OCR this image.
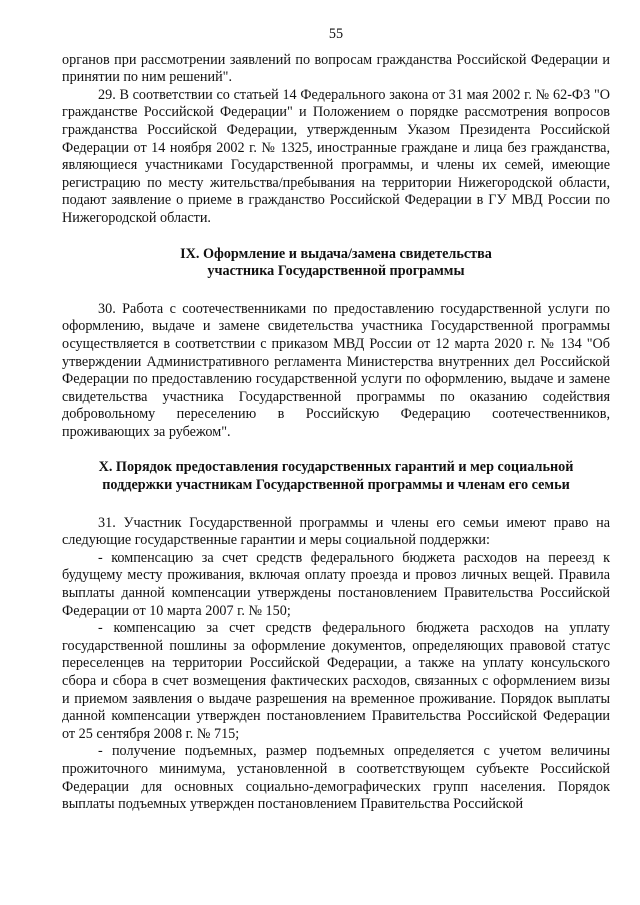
55

органов при рассмотрении заявлений по вопросам гражданства Российской Федерации и принятии по ним решений".

29. В соответствии со статьей 14 Федерального закона от 31 мая 2002 г. № 62-ФЗ "О гражданстве Российской Федерации" и Положением о порядке рассмотрения вопросов гражданства Российской Федерации, утвержденным Указом Президента Российской Федерации от 14 ноября 2002 г. № 1325, иностранные граждане и лица без гражданства, являющиеся участниками Государственной программы, и члены их семей, имеющие регистрацию по месту жительства/пребывания на территории Нижегородской области, подают заявление о приеме в гражданство Российской Федерации в ГУ МВД России по Нижегородской области.

IX. Оформление и выдача/замена свидетельства
участника Государственной программы

30. Работа с соотечественниками по предоставлению государственной услуги по оформлению, выдаче и замене свидетельства участника Государственной программы осуществляется в соответствии с приказом МВД России от 12 марта 2020 г. № 134 "Об утверждении Административного регламента Министерства внутренних дел Российской Федерации по предоставлению государственной услуги по оформлению, выдаче и замене свидетельства участника Государственной программы по оказанию содействия добровольному переселению в Российскую Федерацию соотечественников, проживающих за рубежом".

X. Порядок предоставления государственных гарантий и мер социальной
поддержки участникам Государственной программы и членам его семьи

31. Участник Государственной программы и члены его семьи имеют право на следующие государственные гарантии и меры социальной поддержки:

- компенсацию за счет средств федерального бюджета расходов на переезд к будущему месту проживания, включая оплату проезда и провоз личных вещей. Правила выплаты данной компенсации утверждены постановлением Правительства Российской Федерации от 10 марта 2007 г. № 150;

- компенсацию за счет средств федерального бюджета расходов на уплату государственной пошлины за оформление документов, определяющих правовой статус переселенцев на территории Российской Федерации, а также на уплату консульского сбора и сбора в счет возмещения фактических расходов, связанных с оформлением визы и приемом заявления о выдаче разрешения на временное проживание. Порядок выплаты данной компенсации утвержден постановлением Правительства Российской Федерации от 25 сентября 2008 г. № 715;

- получение подъемных, размер подъемных определяется с учетом величины прожиточного минимума, установленной в соответствующем субъекте Российской Федерации для основных социально-демографических групп населения. Порядок выплаты подъемных утвержден постановлением Правительства Российской
